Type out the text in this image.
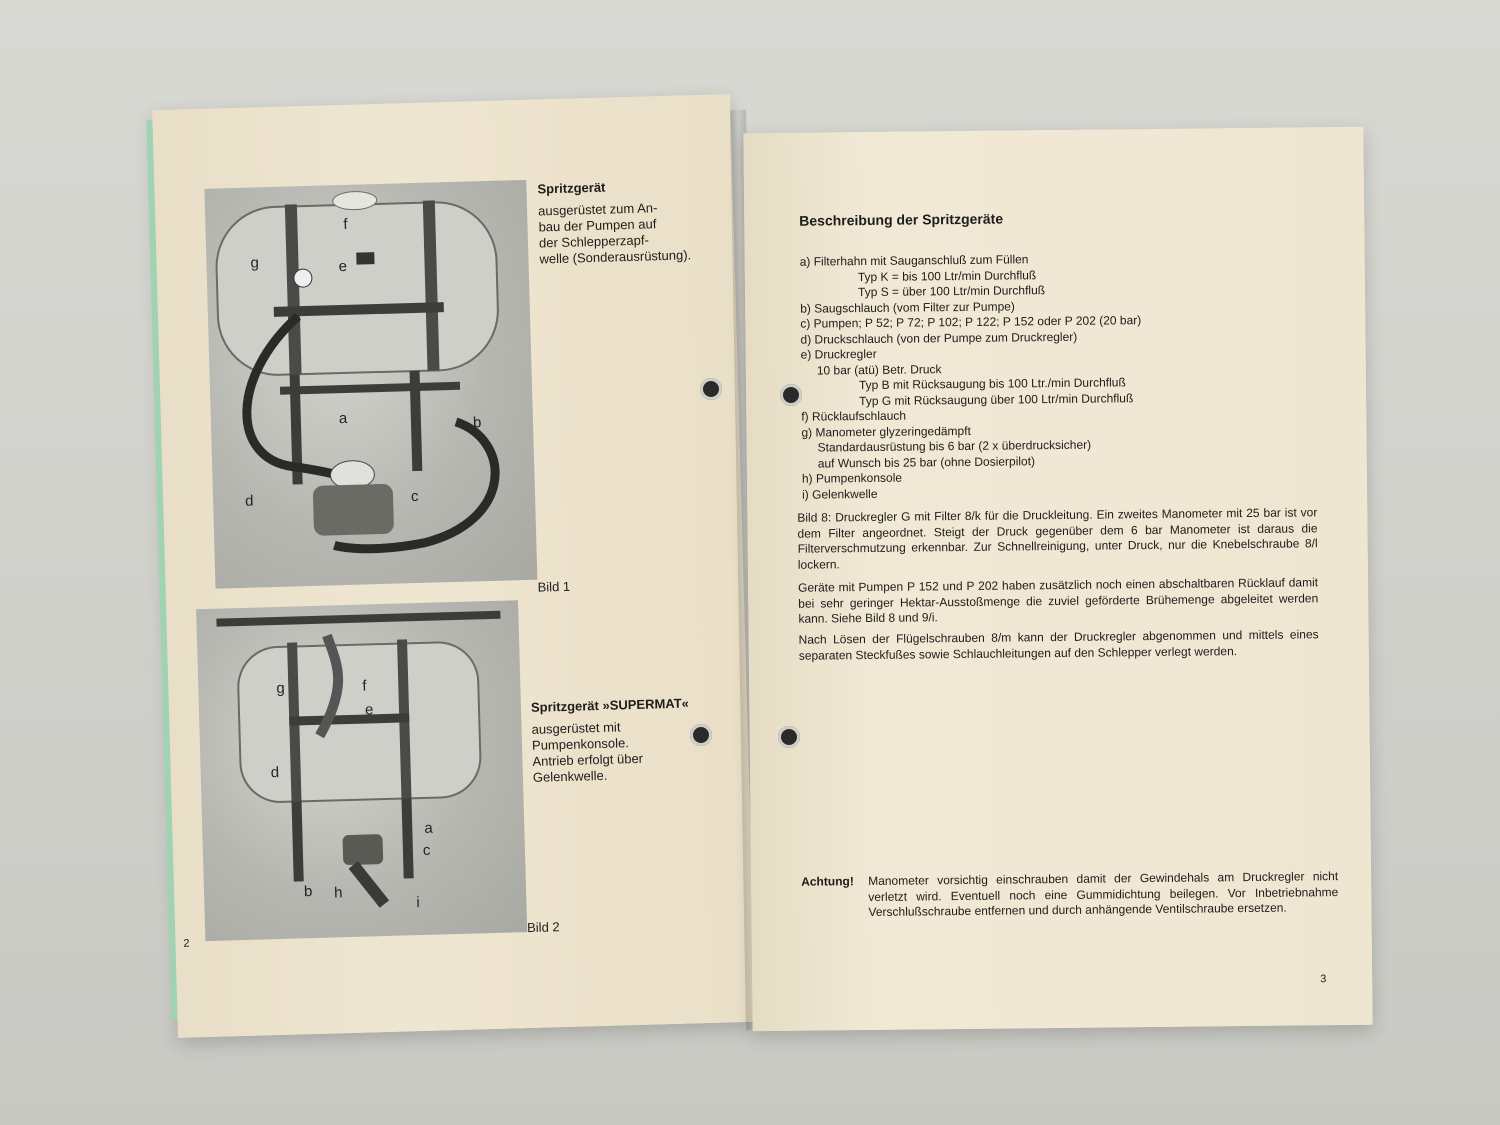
f
g	e
a	b
d	c
Spritzgerät
ausgerüstet zum An-
bau der Pumpen auf
der Schlepperzapf-
welle (Sonderausrüstung).
Bild 1
g	f
e
d
a
c
b h
i
Spritzgerät »SUPERMAT«
ausgerüstet mit
Pumpenkonsole.
Antrieb erfolgt über
Gelenkwelle.
Bild 2
2
Beschreibung der Spritzgeräte
a) Filterhahn mit Sauganschluß zum Füllen
Typ K = bis 100 Ltr/min Durchfluß
Typ S = über 100 Ltr/min Durchfluß
b) Saugschlauch (vom Filter zur Pumpe)
c) Pumpen; P 52; P 72; P 102; P 122; P 152 oder P 202 (20 bar)
d) Druckschlauch (von der Pumpe zum Druckregler)
e) Druckregler
10 bar (atü) Betr. Druck
Typ B mit Rücksaugung bis 100 Ltr./min Durchfluß
Typ G mit Rücksaugung über 100 Ltr/min Durchfluß
f) Rücklaufschlauch
g) Manometer glyzeringedämpft
Standardausrüstung bis 6 bar (2 x überdrucksicher)
auf Wunsch bis 25 bar (ohne Dosierpilot)
h) Pumpenkonsole
i) Gelenkwelle
Bild 8: Druckregler G mit Filter 8/k für die Druckleitung. Ein zweites Manometer mit 25 bar ist vor dem Filter angeordnet. Steigt der Druck gegenüber dem 6 bar Manometer ist daraus die Filterverschmutzung erkennbar. Zur Schnellreinigung, unter Druck, nur die Knebelschraube 8/l lockern.
Geräte mit Pumpen P 152 und P 202 haben zusätzlich noch einen abschaltbaren Rücklauf damit bei sehr geringer Hektar-Ausstoßmenge die zuviel geförderte Brühemenge abgeleitet werden kann. Siehe Bild 8 und 9/i.
Nach Lösen der Flügelschrauben 8/m kann der Druckregler abgenommen und mittels eines separaten Steckfußes sowie Schlauchleitungen auf den Schlepper verlegt werden.
Achtung! Manometer vorsichtig einschrauben damit der Gewindehals am Druckregler nicht verletzt wird. Eventuell noch eine Gummidichtung beilegen. Vor Inbetriebnahme Verschlußschraube entfernen und durch anhängende Ventilschraube ersetzen.
3
